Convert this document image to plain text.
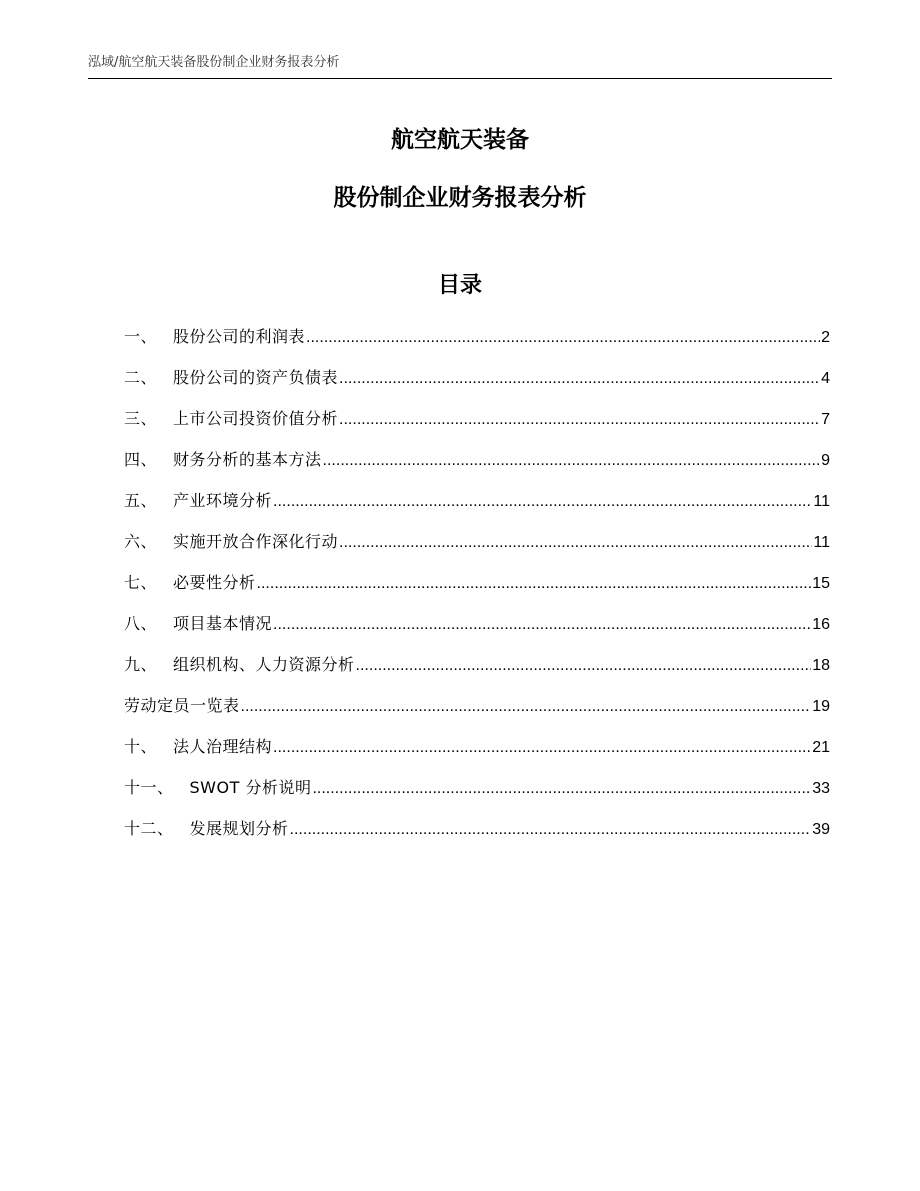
泓域/航空航天装备股份制企业财务报表分析
航空航天装备
股份制企业财务报表分析
目录
一、 股份公司的利润表 .....	2
二、 股份公司的资产负债表 .....	4
三、 上市公司投资价值分析 .....	7
四、 财务分析的基本方法 .....	9
五、 产业环境分析 .....	11
六、 实施开放合作深化行动 .....	11
七、 必要性分析 .....	15
八、 项目基本情况 .....	16
九、 组织机构、人力资源分析 .....	18
劳动定员一览表 .....	19
十、 法人治理结构 .....	21
十一、 SWOT 分析说明 .....	33
十二、 发展规划分析 .....	39
